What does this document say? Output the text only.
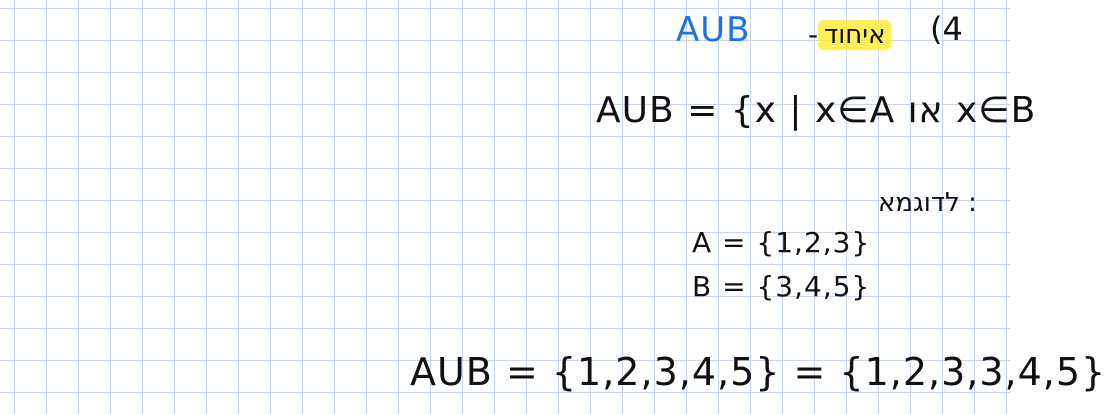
AUB - איחוד (4
AUB = {x | x∈A או x∈B
: לדוגמא
A = {1,2,3}
B = {3,4,5}
AUB = {1,2,3,4,5} = {1,2,3,3,4,5}
